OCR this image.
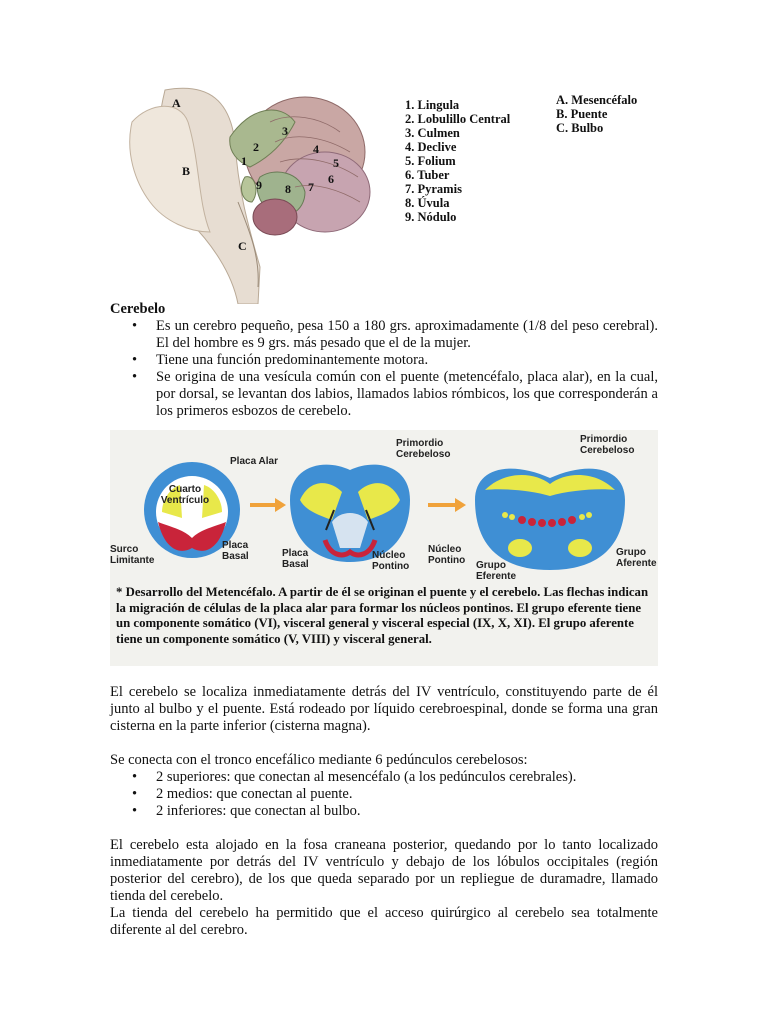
A
B
C
1
2
3
4
5
6
7
8
9
1. Lingula
2. Lobulillo Central
3. Culmen
4. Declive
5. Folium
6. Tuber
7. Pyramis
8. Úvula
9. Nódulo
A. Mesencéfalo
B. Puente
C. Bulbo
Cerebelo
• Es un cerebro pequeño, pesa 150 a 180 grs. aproximadamente (1/8 del peso cerebral). El del hombre es 9 grs. más pesado que el de la mujer.
• Tiene una función predominantemente motora.
• Se origina de una vesícula común con el puente (metencéfalo, placa alar), en la cual, por dorsal, se levantan dos labios, llamados labios rómbicos, los que corresponderán a los primeros esbozos de cerebelo.
Placa Alar
Cuarto Ventrículo
Surco Limitante
Placa Basal
Primordio Cerebeloso
Placa Basal
Núcleo Pontino
Primordio Cerebeloso
Núcleo Pontino	Grupo Eferente
Grupo Aferente
* Desarrollo del Metencéfalo. A partir de él se originan el puente y el cerebelo. Las flechas indican la migración de células de la placa alar para formar los núcleos pontinos. El grupo eferente tiene un componente somático (VI), visceral general y visceral especial (IX, X, XI). El grupo aferente tiene un componente somático (V, VIII) y visceral general.

El cerebelo se localiza inmediatamente detrás del IV ventrículo, constituyendo parte de él junto al bulbo y el puente. Está rodeado por líquido cerebroespinal, donde se forma una gran cisterna en la parte inferior (cisterna magna).

Se conecta con el tronco encefálico mediante 6 pedúnculos cerebelosos:

• 2 superiores: que conectan al mesencéfalo (a los pedúnculos cerebrales).
• 2 medios: que conectan al puente.
• 2 inferiores: que conectan al bulbo.

El cerebelo esta alojado en la fosa craneana posterior, quedando por lo tanto localizado inmediatamente por detrás del IV ventrículo y debajo de los lóbulos occipitales (región posterior del cerebro), de los que queda separado por un repliegue de duramadre, llamado tienda del cerebelo.

La tienda del cerebelo ha permitido que el acceso quirúrgico al cerebelo sea totalmente diferente al del cerebro.
